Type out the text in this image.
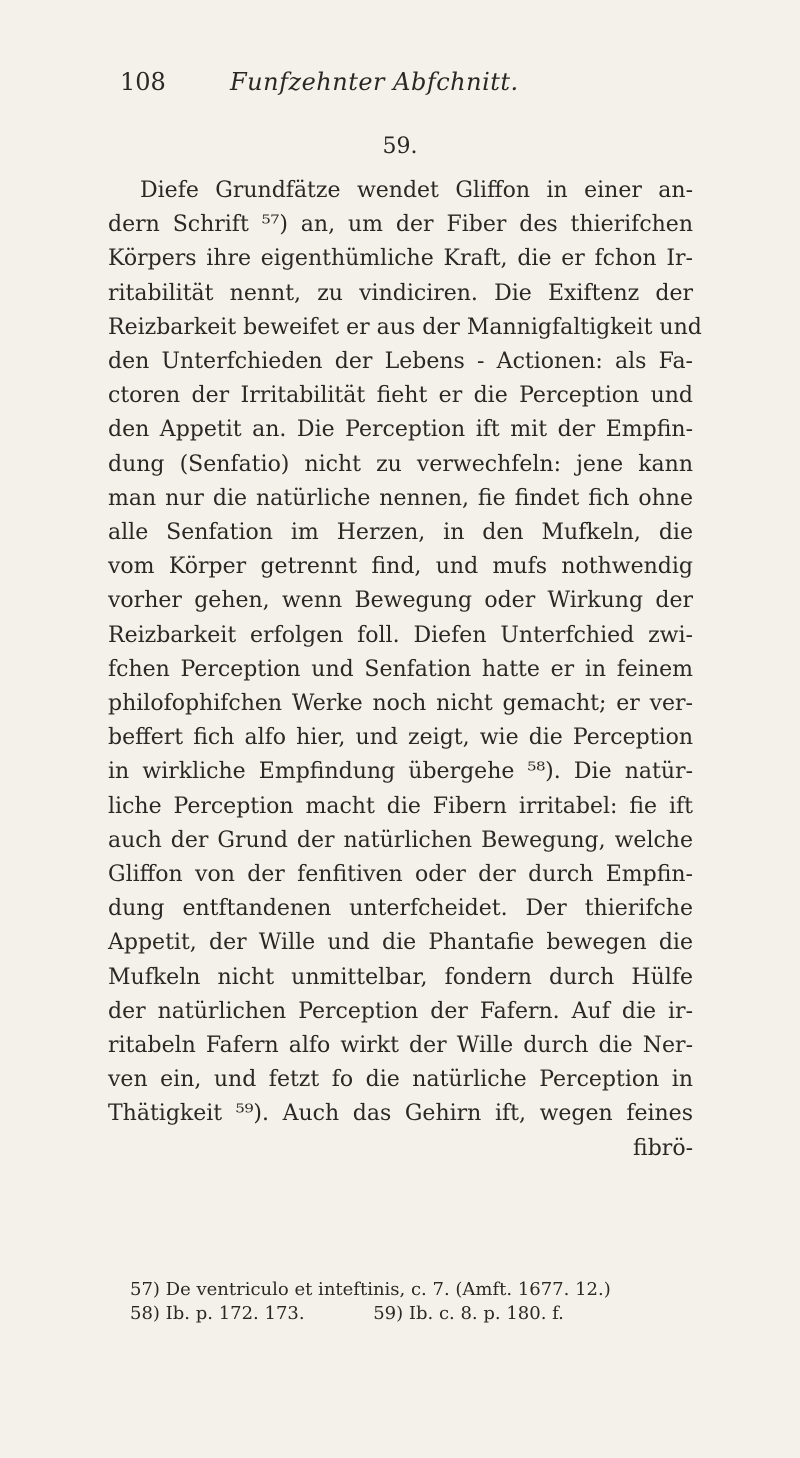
108	Funfzehnter Abfchnitt.
59.
Diefe Grundfätze wendet Gliffon in einer an-
dern Schrift ⁵⁷) an, um der Fiber des thierifchen
Körpers ihre eigenthümliche Kraft, die er fchon Ir-
ritabilität nennt, zu vindiciren. Die Exiftenz der
Reizbarkeit beweifet er aus der Mannigfaltigkeit und
den Unterfchieden der Lebens - Actionen: als Fa-
ctoren der Irritabilität fieht er die Perception und
den Appetit an. Die Perception ift mit der Empfin-
dung (Senfatio) nicht zu verwechfeln: jene kann
man nur die natürliche nennen, fie findet fich ohne
alle Senfation im Herzen, in den Mufkeln, die
vom Körper getrennt find, und mufs nothwendig
vorher gehen, wenn Bewegung oder Wirkung der
Reizbarkeit erfolgen foll. Diefen Unterfchied zwi-
fchen Perception und Senfation hatte er in feinem
philofophifchen Werke noch nicht gemacht; er ver-
beffert fich alfo hier, und zeigt, wie die Perception
in wirkliche Empfindung übergehe ⁵⁸). Die natür-
liche Perception macht die Fibern irritabel: fie ift
auch der Grund der natürlichen Bewegung, welche
Gliffon von der fenfitiven oder der durch Empfin-
dung entftandenen unterfcheidet. Der thierifche
Appetit, der Wille und die Phantafie bewegen die
Mufkeln nicht unmittelbar, fondern durch Hülfe
der natürlichen Perception der Fafern. Auf die ir-
ritabeln Fafern alfo wirkt der Wille durch die Ner-
ven ein, und fetzt fo die natürliche Perception in
Thätigkeit ⁵⁹). Auch das Gehirn ift, wegen feines
fibrö-
57) De ventriculo et inteftinis, c. 7. (Amft. 1677. 12.)
58) Ib. p. 172. 173.            59) Ib. c. 8. p. 180. f.
